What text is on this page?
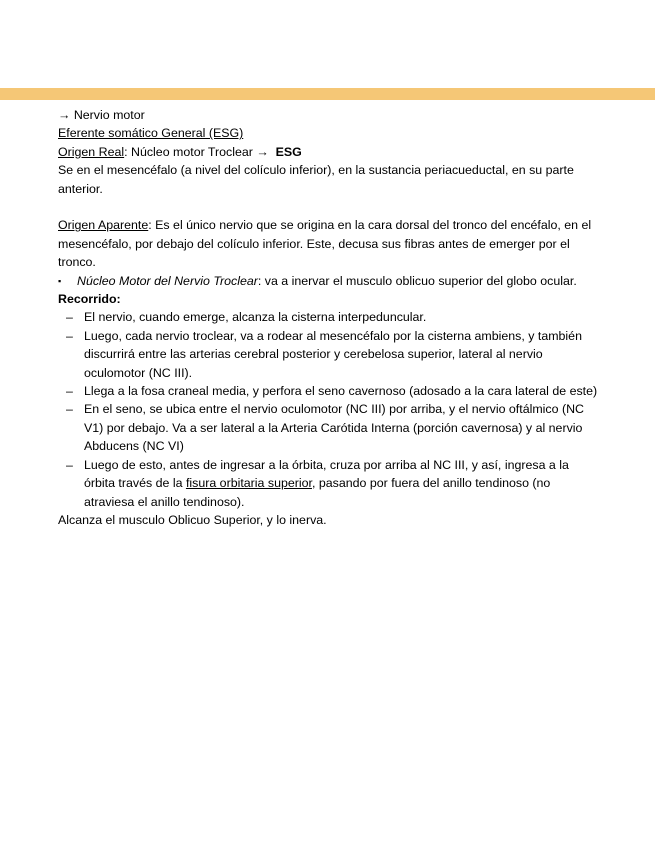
→ Nervio motor

Eferente somático General (ESG)

Origen Real: Núcleo motor Troclear → ESG

Se en el mesencéfalo (a nivel del colículo inferior), en la sustancia periacueductal, en su parte anterior.

Origen Aparente: Es el único nervio que se origina en la cara dorsal del tronco del encéfalo, en el mesencéfalo, por debajo del colículo inferior. Este, decusa sus fibras antes de emerger por el tronco.

▪	Núcleo Motor del Nervio Troclear: va a inervar el musculo oblicuo superior del globo ocular.

Recorrido:

– El nervio, cuando emerge, alcanza la cisterna interpeduncular.
– Luego, cada nervio troclear, va a rodear al mesencéfalo por la cisterna ambiens, y también discurrirá entre las arterias cerebral posterior y cerebelosa superior, lateral al nervio oculomotor (NC III).
– Llega a la fosa craneal media, y perfora el seno cavernoso (adosado a la cara lateral de este)
– En el seno, se ubica entre el nervio oculomotor (NC III) por arriba, y el nervio oftálmico (NC V1) por debajo. Va a ser lateral a la Arteria Carótida Interna (porción cavernosa) y al nervio Abducens (NC VI)
– Luego de esto, antes de ingresar a la órbita, cruza por arriba al NC III, y así, ingresa a la órbita través de la fisura orbitaria superior, pasando por fuera del anillo tendinoso (no atraviesa el anillo tendinoso).

Alcanza el musculo Oblicuo Superior, y lo inerva.
